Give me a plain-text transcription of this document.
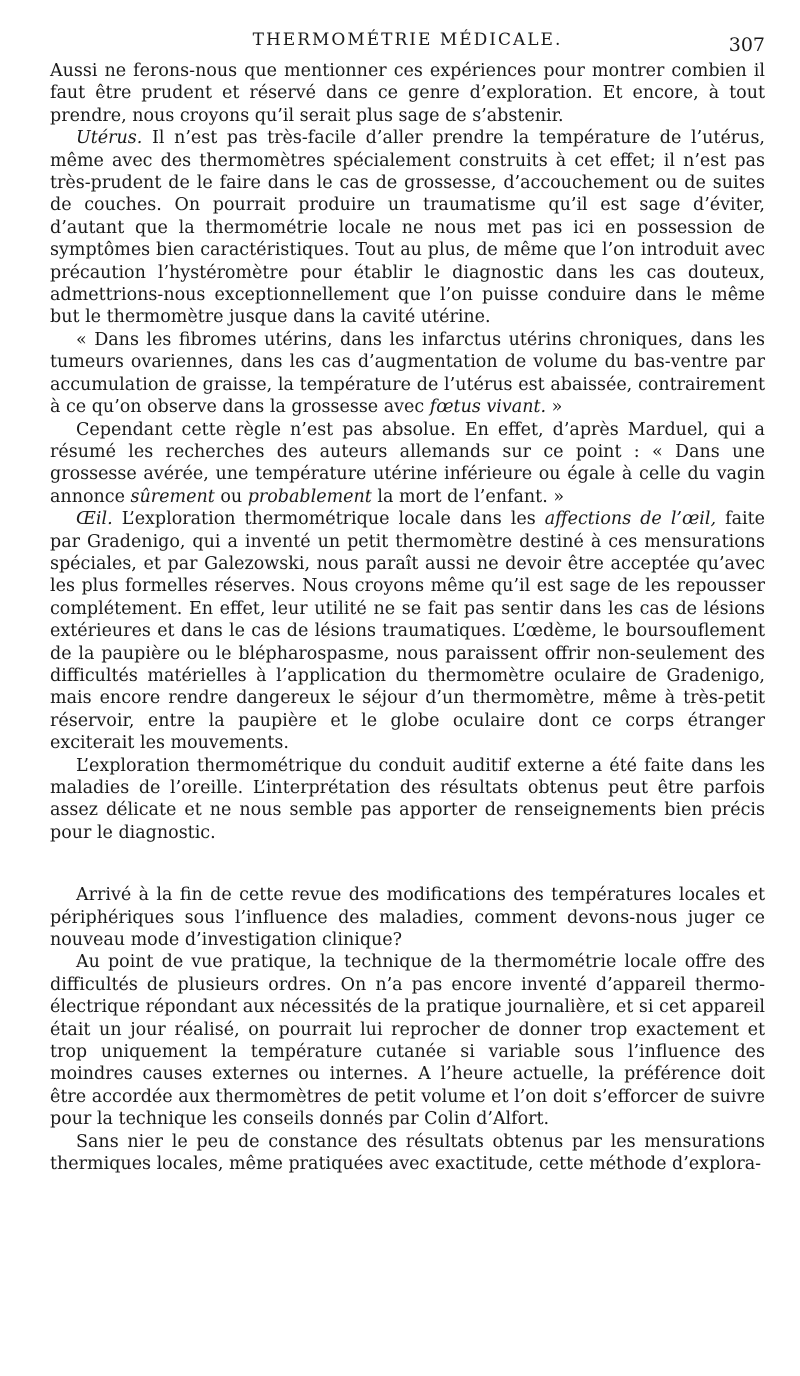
THERMOMÉTRIE MÉDICALE.	307

Aussi ne ferons-nous que mentionner ces expériences pour montrer combien il faut être prudent et réservé dans ce genre d’exploration. Et encore, à tout prendre, nous croyons qu’il serait plus sage de s’abstenir.

Utérus. Il n’est pas très-facile d’aller prendre la température de l’utérus, même avec des thermomètres spécialement construits à cet effet; il n’est pas très-prudent de le faire dans le cas de grossesse, d’accouchement ou de suites de couches. On pourrait produire un traumatisme qu’il est sage d’éviter, d’autant que la thermométrie locale ne nous met pas ici en possession de symptômes bien caractéristiques. Tout au plus, de même que l’on introduit avec précaution l’hystéromètre pour établir le diagnostic dans les cas douteux, admettrions-nous exceptionnellement que l’on puisse conduire dans le même but le thermomètre jusque dans la cavité utérine.

« Dans les fibromes utérins, dans les infarctus utérins chroniques, dans les tumeurs ovariennes, dans les cas d’augmentation de volume du bas-ventre par accumulation de graisse, la température de l’utérus est abaissée, contrairement à ce qu’on observe dans la grossesse avec fœtus vivant. »

Cependant cette règle n’est pas absolue. En effet, d’après Marduel, qui a résumé les recherches des auteurs allemands sur ce point : « Dans une grossesse avérée, une température utérine inférieure ou égale à celle du vagin annonce sûrement ou probablement la mort de l’enfant. »

Œil. L’exploration thermométrique locale dans les affections de l’œil, faite par Gradenigo, qui a inventé un petit thermomètre destiné à ces mensurations spéciales, et par Galezowski, nous paraît aussi ne devoir être acceptée qu’avec les plus formelles réserves. Nous croyons même qu’il est sage de les repousser complétement. En effet, leur utilité ne se fait pas sentir dans les cas de lésions extérieures et dans le cas de lésions traumatiques. L’œdème, le boursouflement de la paupière ou le blépharospasme, nous paraissent offrir non-seulement des difficultés matérielles à l’application du thermomètre oculaire de Gradenigo, mais encore rendre dangereux le séjour d’un thermomètre, même à très-petit réservoir, entre la paupière et le globe oculaire dont ce corps étranger exciterait les mouvements.

L’exploration thermométrique du conduit auditif externe a été faite dans les maladies de l’oreille. L’interprétation des résultats obtenus peut être parfois assez délicate et ne nous semble pas apporter de renseignements bien précis pour le diagnostic.

Arrivé à la fin de cette revue des modifications des températures locales et périphériques sous l’influence des maladies, comment devons-nous juger ce nouveau mode d’investigation clinique?

Au point de vue pratique, la technique de la thermométrie locale offre des difficultés de plusieurs ordres. On n’a pas encore inventé d’appareil thermo-électrique répondant aux nécessités de la pratique journalière, et si cet appareil était un jour réalisé, on pourrait lui reprocher de donner trop exactement et trop uniquement la température cutanée si variable sous l’influence des moindres causes externes ou internes. A l’heure actuelle, la préférence doit être accordée aux thermomètres de petit volume et l’on doit s’efforcer de suivre pour la technique les conseils donnés par Colin d’Alfort.

Sans nier le peu de constance des résultats obtenus par les mensurations thermiques locales, même pratiquées avec exactitude, cette méthode d’explora-
